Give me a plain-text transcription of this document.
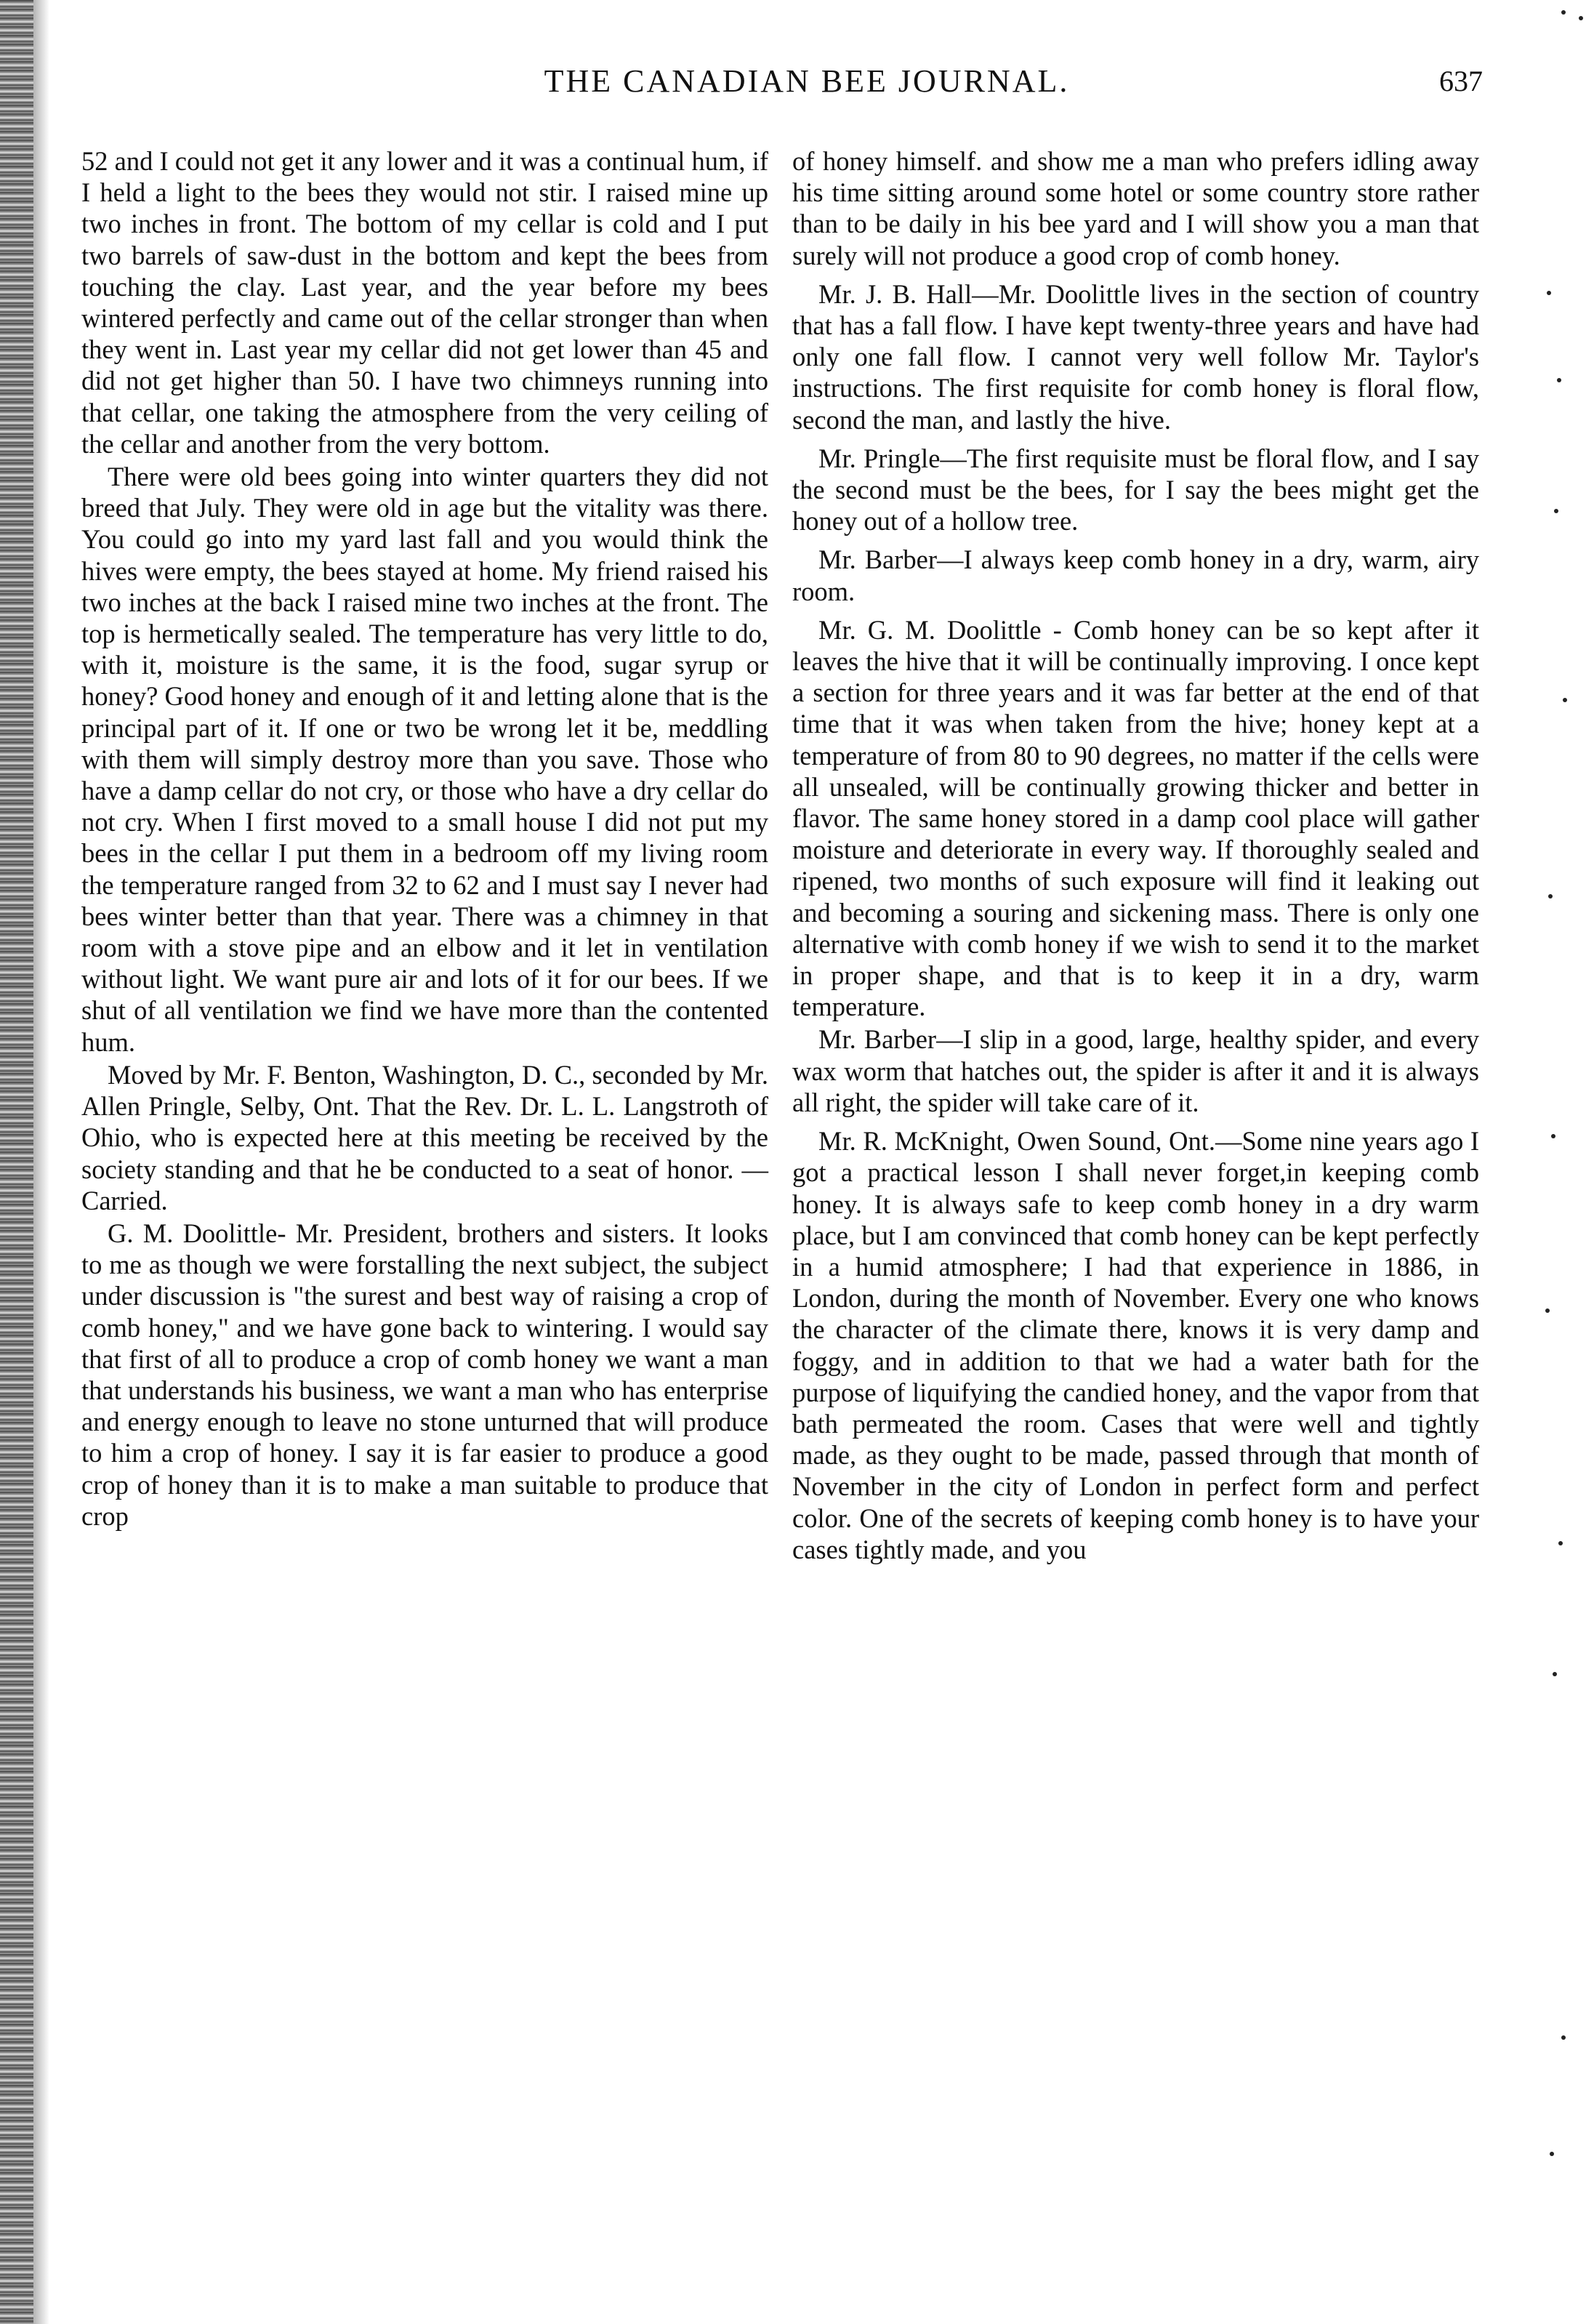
THE CANADIAN BEE JOURNAL.	637

52 and I could not get it any lower and it was a continual hum, if I held a light to the bees they would not stir. I raised mine up two inches in front. The bottom of my cellar is cold and I put two barrels of saw-dust in the bottom and kept the bees from touching the clay. Last year, and the year before my bees wintered perfectly and came out of the cellar stronger than when they went in. Last year my cellar did not get lower than 45 and did not get higher than 50. I have two chimneys running into that cellar, one taking the atmosphere from the very ceiling of the cellar and another from the very bottom.

There were old bees going into winter quarters they did not breed that July. They were old in age but the vitality was there. You could go into my yard last fall and you would think the hives were empty, the bees stayed at home. My friend raised his two inches at the back I raised mine two inches at the front. The top is hermetically sealed. The temperature has very little to do, with it, moisture is the same, it is the food, sugar syrup or honey? Good honey and enough of it and letting alone that is the principal part of it. If one or two be wrong let it be, meddling with them will simply destroy more than you save. Those who have a damp cellar do not cry, or those who have a dry cellar do not cry. When I first moved to a small house I did not put my bees in the cellar I put them in a bedroom off my living room the temperature ranged from 32 to 62 and I must say I never had bees winter better than that year. There was a chimney in that room with a stove pipe and an elbow and it let in ventilation without light. We want pure air and lots of it for our bees. If we shut of all ventilation we find we have more than the contented hum.

Moved by Mr. F. Benton, Washington, D. C., seconded by Mr. Allen Pringle, Selby, Ont. That the Rev. Dr. L. L. Langstroth of Ohio, who is expected here at this meeting be received by the society standing and that he be conducted to a seat of honor. —Carried.

G. M. Doolittle- Mr. President, brothers and sisters. It looks to me as though we were forstalling the next subject, the subject under discussion is "the surest and best way of raising a crop of comb honey," and we have gone back to wintering. I would say that first of all to produce a crop of comb honey we want a man that understands his business, we want a man who has enterprise and energy enough to leave no stone unturned that will produce to him a crop of honey. I say it is far easier to produce a good crop of honey than it is to make a man suitable to produce that crop

of honey himself. and show me a man who prefers idling away his time sitting around some hotel or some country store rather than to be daily in his bee yard and I will show you a man that surely will not produce a good crop of comb honey.

Mr. J. B. Hall—Mr. Doolittle lives in the section of country that has a fall flow. I have kept twenty-three years and have had only one fall flow. I cannot very well follow Mr. Taylor's instructions. The first requisite for comb honey is floral flow, second the man, and lastly the hive.

Mr. Pringle—The first requisite must be floral flow, and I say the second must be the bees, for I say the bees might get the honey out of a hollow tree.

Mr. Barber—I always keep comb honey in a dry, warm, airy room.

Mr. G. M. Doolittle - Comb honey can be so kept after it leaves the hive that it will be continually improving. I once kept a section for three years and it was far better at the end of that time that it was when taken from the hive; honey kept at a temperature of from 80 to 90 degrees, no matter if the cells were all unsealed, will be continually growing thicker and better in flavor. The same honey stored in a damp cool place will gather moisture and deteriorate in every way. If thoroughly sealed and ripened, two months of such exposure will find it leaking out and becoming a souring and sickening mass. There is only one alternative with comb honey if we wish to send it to the market in proper shape, and that is to keep it in a dry, warm temperature.

Mr. Barber—I slip in a good, large, healthy spider, and every wax worm that hatches out, the spider is after it and it is always all right, the spider will take care of it.

Mr. R. McKnight, Owen Sound, Ont.—Some nine years ago I got a practical lesson I shall never forget,in keeping comb honey. It is always safe to keep comb honey in a dry warm place, but I am convinced that comb honey can be kept perfectly in a humid atmosphere; I had that experience in 1886, in London, during the month of November. Every one who knows the character of the climate there, knows it is very damp and foggy, and in addition to that we had a water bath for the purpose of liquifying the candied honey, and the vapor from that bath permeated the room. Cases that were well and tightly made, as they ought to be made, passed through that month of November in the city of London in perfect form and perfect color. One of the secrets of keeping comb honey is to have your cases tightly made, and you
